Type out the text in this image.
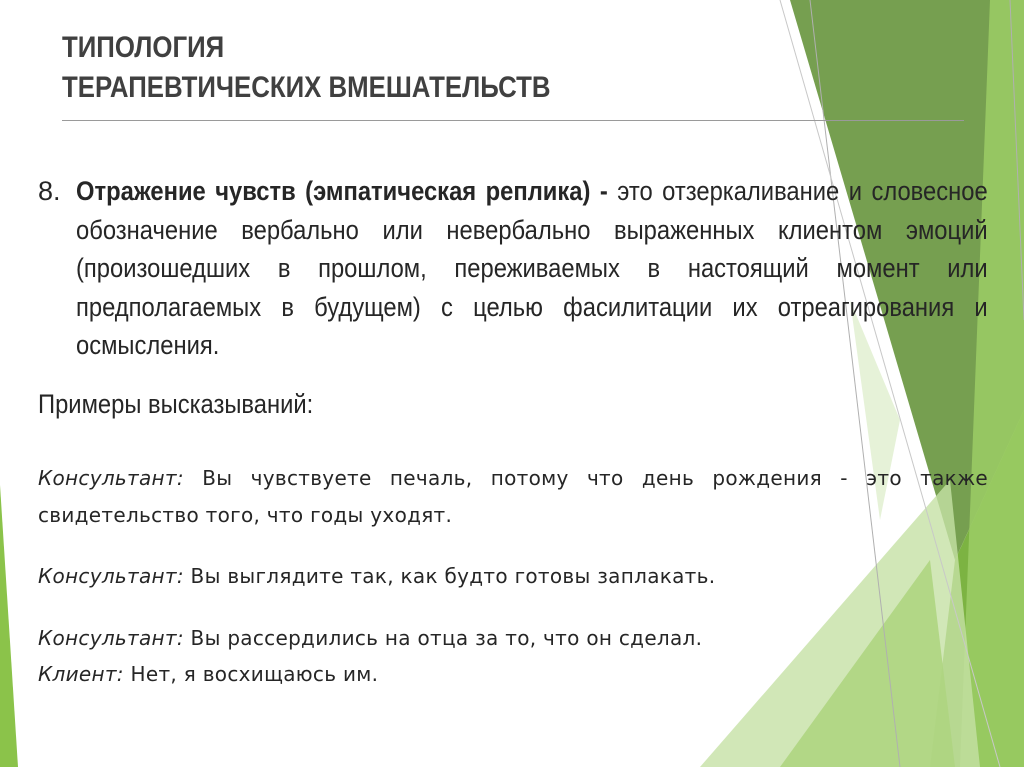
ТИПОЛОГИЯ
ТЕРАПЕВТИЧЕСКИХ ВМЕШАТЕЛЬСТВ
8. Отражение чувств (эмпатическая реплика) - это отзеркаливание и словесное обозначение вербально или невербально выраженных клиентом эмоций (произошедших в прошлом, переживаемых в настоящий момент или предполагаемых в будущем) с целью фасилитации их отреагирования и осмысления.
Примеры высказываний:
Консультант: Вы чувствуете печаль, потому что день рождения - это также свидетельство того, что годы уходят.
Консультант: Вы выглядите так, как будто готовы заплакать.
Консультант: Вы рассердились на отца за то, что он сделал.
Клиент: Нет, я восхищаюсь им.
